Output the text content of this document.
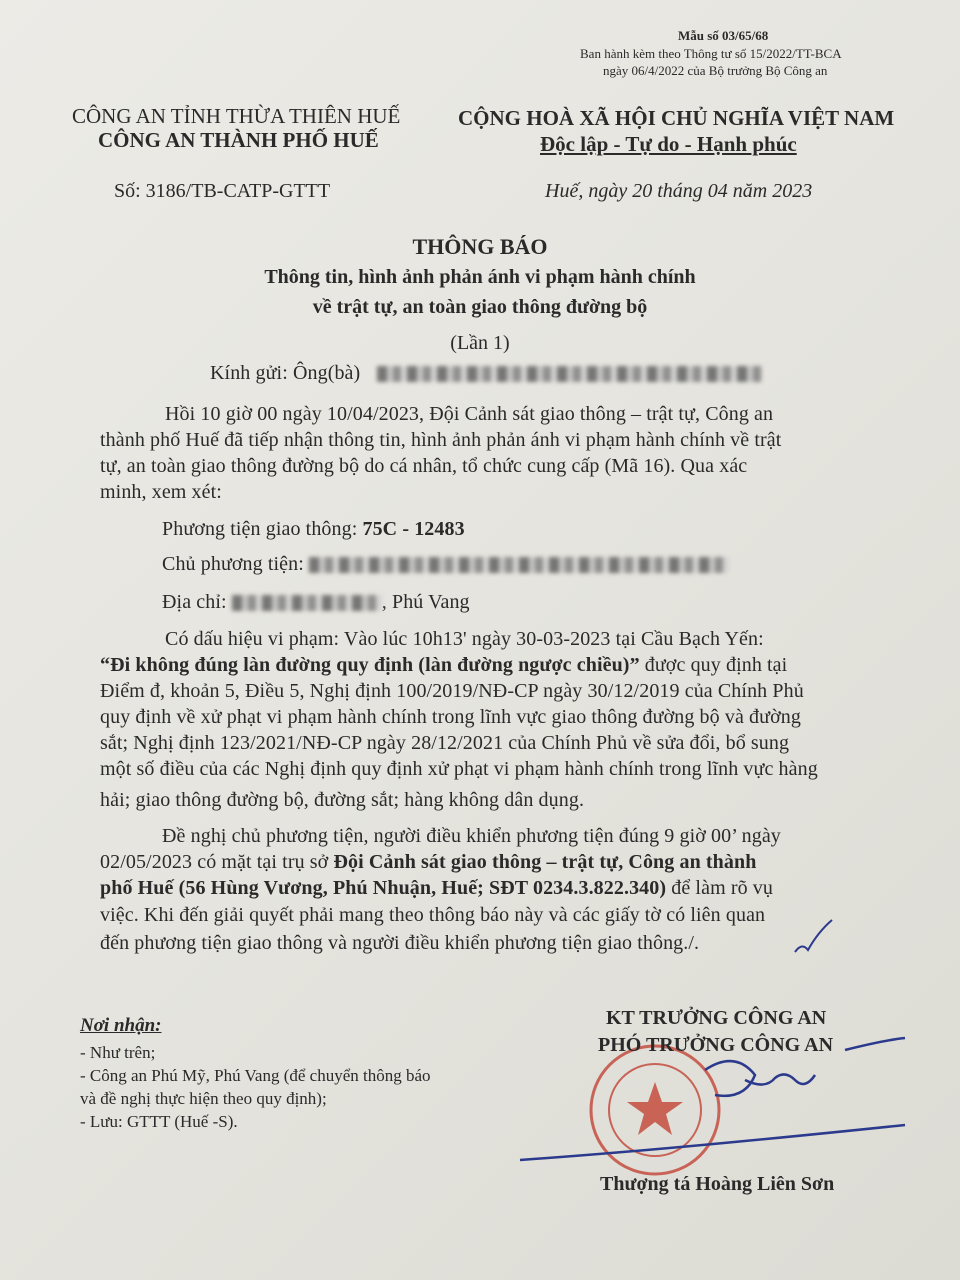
Mẫu số 03/65/68
Ban hành kèm theo Thông tư số 15/2022/TT-BCA
ngày 06/4/2022 của Bộ trưởng Bộ Công an
CÔNG AN TỈNH THỪA THIÊN HUẾ
CÔNG AN THÀNH PHỐ HUẾ
CỘNG HOÀ XÃ HỘI CHỦ NGHĨA VIỆT NAM
Độc lập - Tự do - Hạnh phúc
Số: 3186/TB-CATP-GTTT	Huế, ngày 20 tháng 04 năm 2023
THÔNG BÁO
Thông tin, hình ảnh phản ánh vi phạm hành chính
về trật tự, an toàn giao thông đường bộ
(Lần 1)
Kính gửi: Ông(bà)
Hồi 10 giờ 00 ngày 10/04/2023, Đội Cảnh sát giao thông – trật tự, Công an
thành phố Huế đã tiếp nhận thông tin, hình ảnh phản ánh vi phạm hành chính về trật
tự, an toàn giao thông đường bộ do cá nhân, tổ chức cung cấp (Mã 16). Qua xác
minh, xem xét:
Phương tiện giao thông: 75C - 12483
Chủ phương tiện:
Địa chỉ:	, Phú Vang
Có dấu hiệu vi phạm: Vào lúc 10h13' ngày 30-03-2023 tại Cầu Bạch Yến:
“Đi không đúng làn đường quy định (làn đường ngược chiều)” được quy định tại
Điểm đ, khoản 5, Điều 5, Nghị định 100/2019/NĐ-CP ngày 30/12/2019 của Chính Phủ
quy định về xử phạt vi phạm hành chính trong lĩnh vực giao thông đường bộ và đường
sắt; Nghị định 123/2021/NĐ-CP ngày 28/12/2021 của Chính Phủ về sửa đổi, bổ sung
một số điều của các Nghị định quy định xử phạt vi phạm hành chính trong lĩnh vực hàng
hải; giao thông đường bộ, đường sắt; hàng không dân dụng.
Đề nghị chủ phương tiện, người điều khiển phương tiện đúng 9 giờ 00’ ngày
02/05/2023 có mặt tại trụ sở Đội Cảnh sát giao thông – trật tự, Công an thành
phố Huế (56 Hùng Vương, Phú Nhuận, Huế; SĐT 0234.3.822.340) để làm rõ vụ
việc. Khi đến giải quyết phải mang theo thông báo này và các giấy tờ có liên quan
đến phương tiện giao thông và người điều khiển phương tiện giao thông./.
Nơi nhận:
- Như trên;
- Công an Phú Mỹ, Phú Vang (để chuyển thông báo
và đề nghị thực hiện theo quy định);
- Lưu: GTTT (Huế -S).
KT TRƯỞNG CÔNG AN
PHÓ TRƯỞNG CÔNG AN
Thượng tá Hoàng Liên Sơn
